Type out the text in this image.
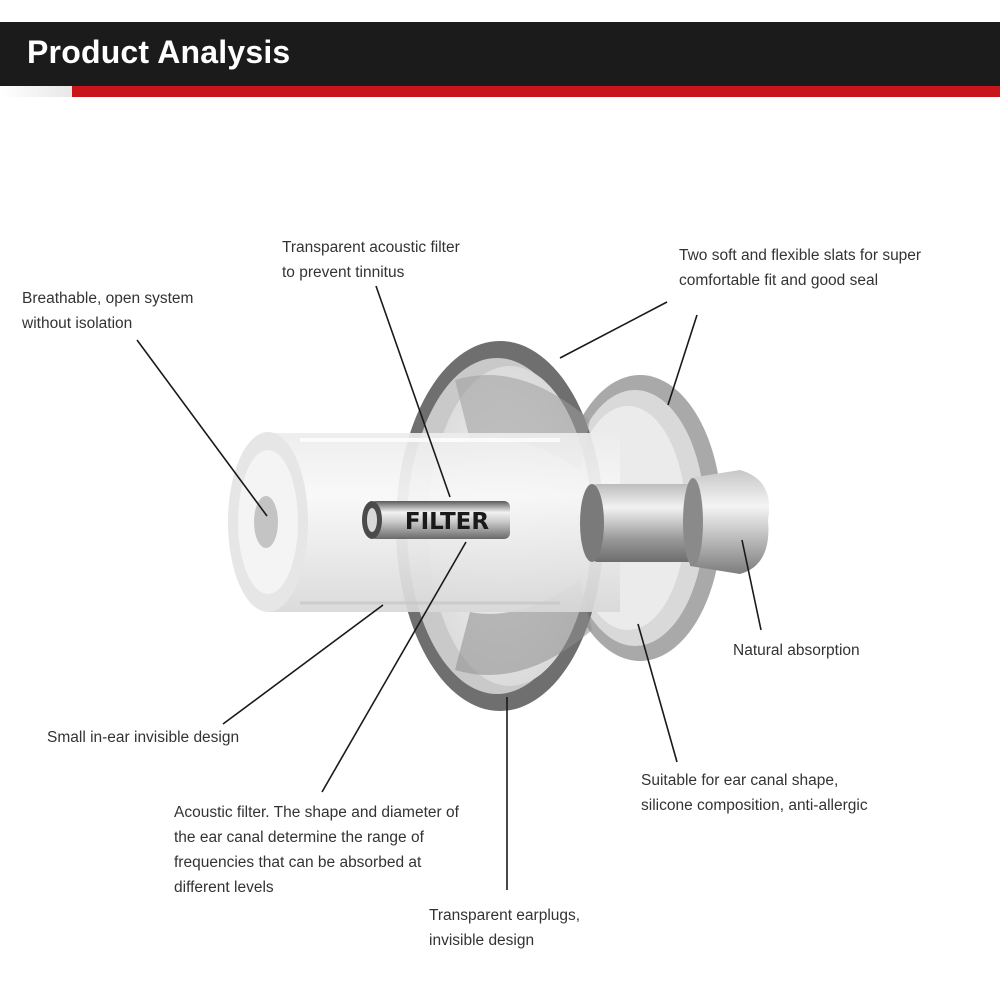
Product Analysis
FILTER
Breathable, open system
without isolation
Transparent acoustic filter
to prevent tinnitus
Two soft and flexible slats for super
comfortable fit and good seal
Natural absorption
Small in-ear invisible design
Acoustic filter. The shape and diameter of
the ear canal determine the range of
frequencies that can be absorbed at
different levels
Suitable for ear canal shape,
silicone composition, anti-allergic
Transparent earplugs,
invisible design
